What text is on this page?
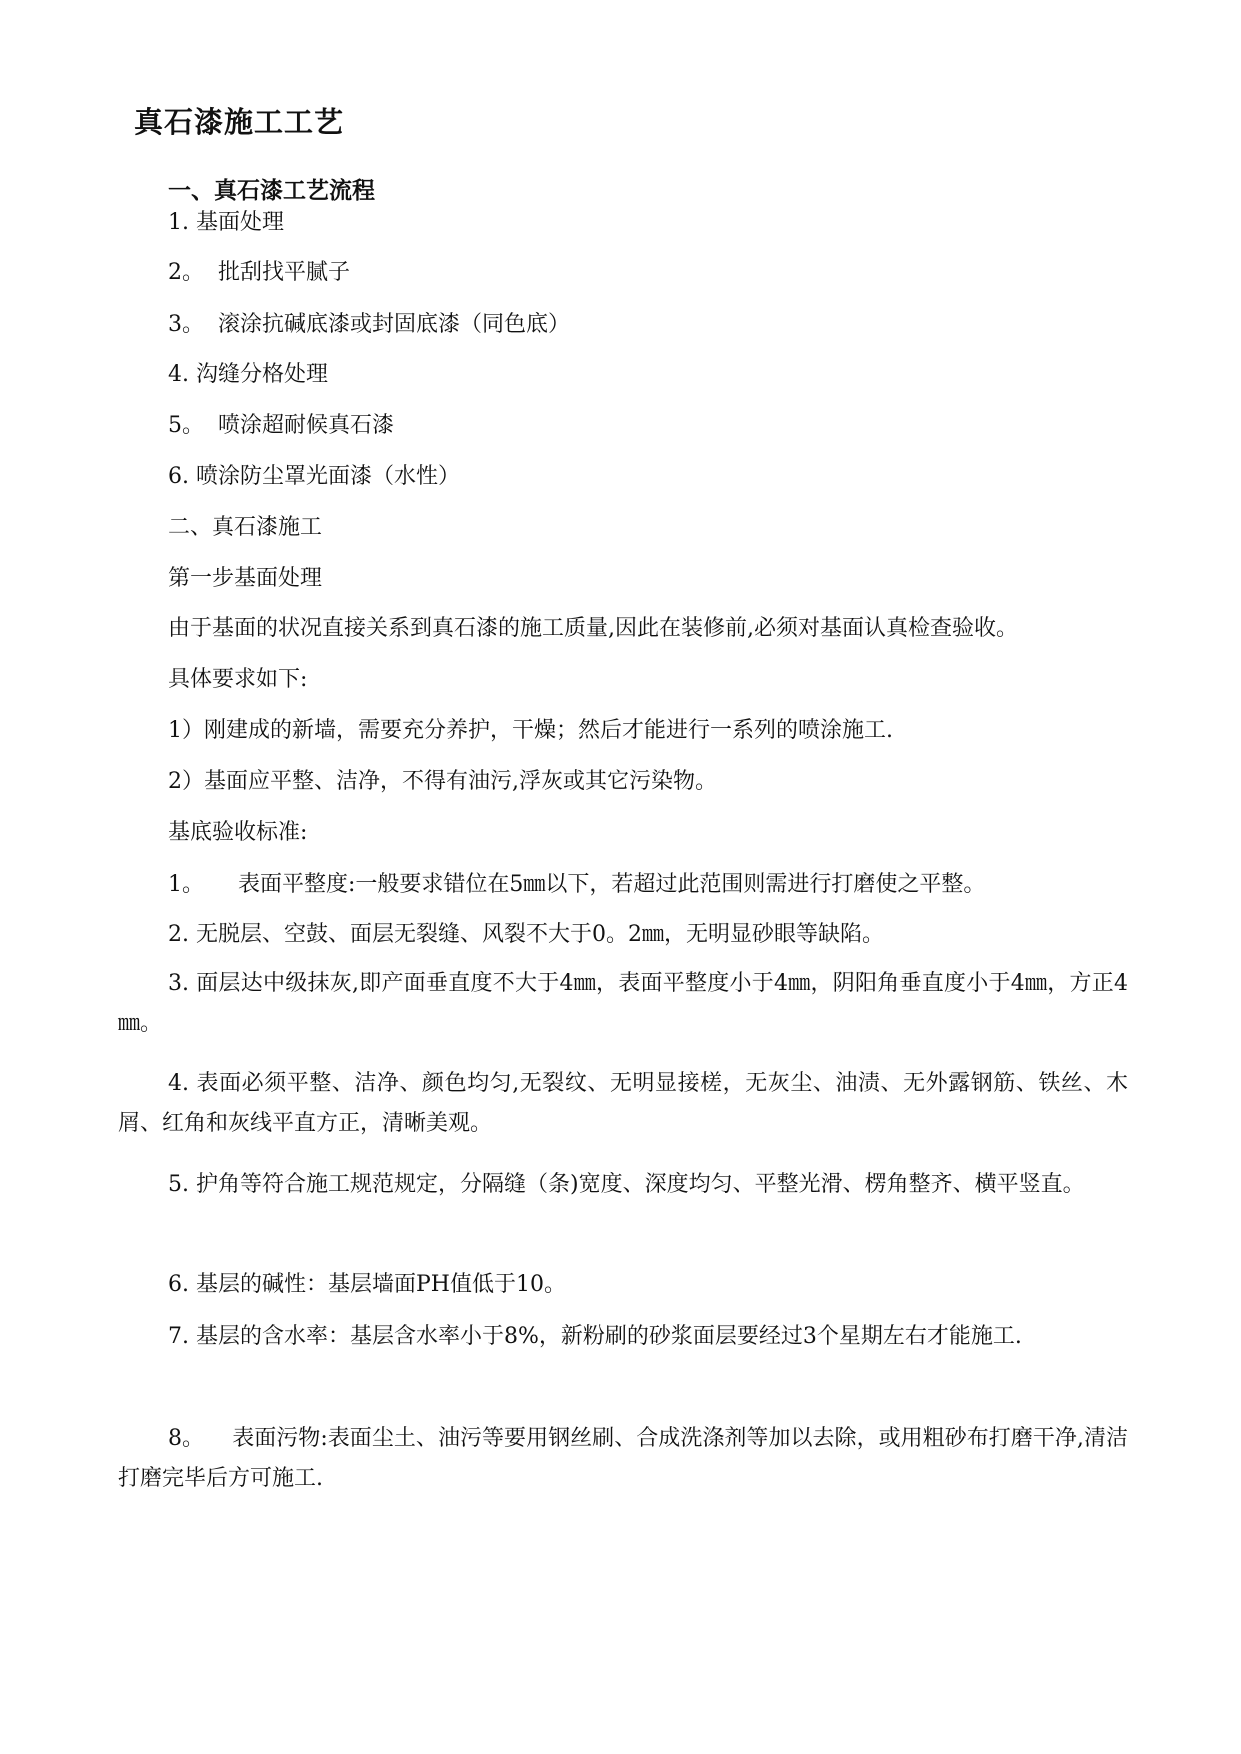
真石漆施工工艺
一、真石漆工艺流程
1. 基面处理
2。 批刮找平腻子
3。 滚涂抗碱底漆或封固底漆（同色底）
4. 沟缝分格处理
5。 喷涂超耐候真石漆
6. 喷涂防尘罩光面漆（水性）
二、真石漆施工
第一步基面处理
由于基面的状况直接关系到真石漆的施工质量,因此在装修前,必须对基面认真检查验收。
具体要求如下:
1）刚建成的新墙，需要充分养护，干燥；然后才能进行一系列的喷涂施工.
2）基面应平整、洁净，不得有油污,浮灰或其它污染物。
基底验收标准:
1。 表面平整度:一般要求错位在5㎜以下，若超过此范围则需进行打磨使之平整。
2. 无脱层、空鼓、面层无裂缝、风裂不大于0。2㎜，无明显砂眼等缺陷。
3. 面层达中级抹灰,即产面垂直度不大于4㎜，表面平整度小于4㎜，阴阳角垂直度小于4㎜，方正4㎜。
4. 表面必须平整、洁净、颜色均匀,无裂纹、无明显接槎，无灰尘、油渍、无外露钢筋、铁丝、木屑、红角和灰线平直方正，清晰美观。
5. 护角等符合施工规范规定，分隔缝（条)宽度、深度均匀、平整光滑、楞角整齐、横平竖直。
6. 基层的碱性：基层墙面PH值低于10。
7. 基层的含水率：基层含水率小于8%，新粉刷的砂浆面层要经过3个星期左右才能施工.
8。 表面污物:表面尘土、油污等要用钢丝刷、合成洗涤剂等加以去除，或用粗砂布打磨干净,清洁打磨完毕后方可施工.
